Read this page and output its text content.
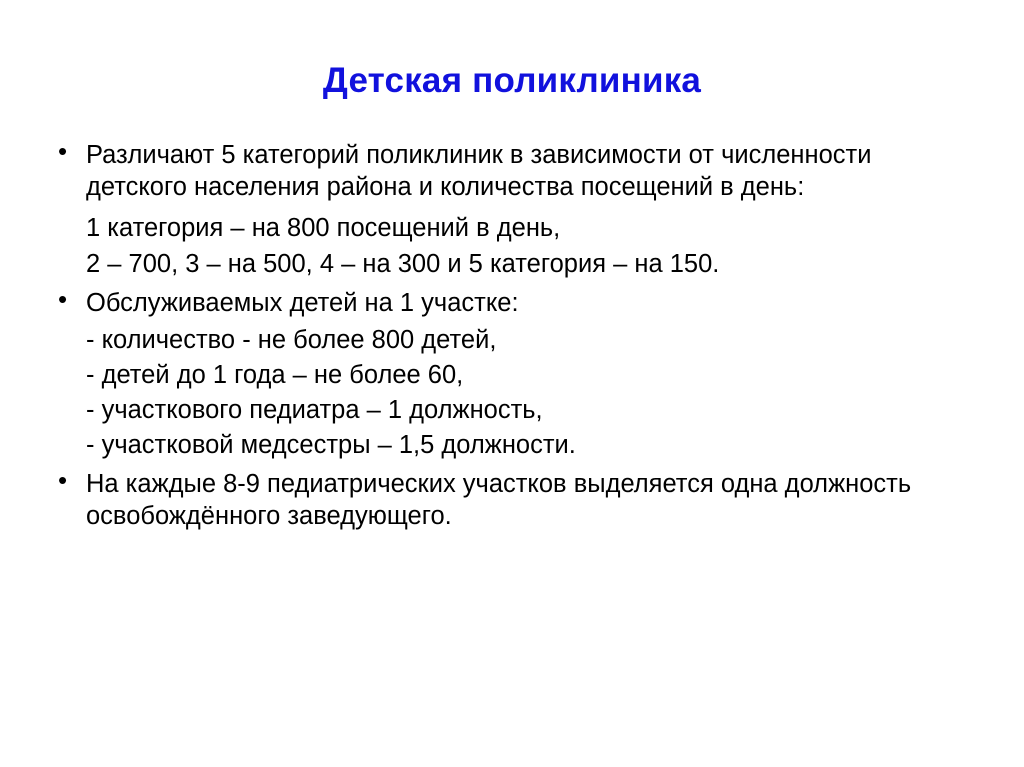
Детская поликлиника
• Различают 5 категорий поликлиник в зависимости от численности детского населения района и количества посещений в день:
1 категория – на 800 посещений в день,
2 – 700, 3 – на 500, 4 – на 300 и 5 категория – на 150.
• Обслуживаемых детей на 1 участке:
- количество - не более 800 детей,
- детей до 1 года – не более 60,
- участкового педиатра – 1 должность,
- участковой медсестры – 1,5 должности.
• На каждые 8-9 педиатрических участков выделяется одна должность освобождённого заведующего.
